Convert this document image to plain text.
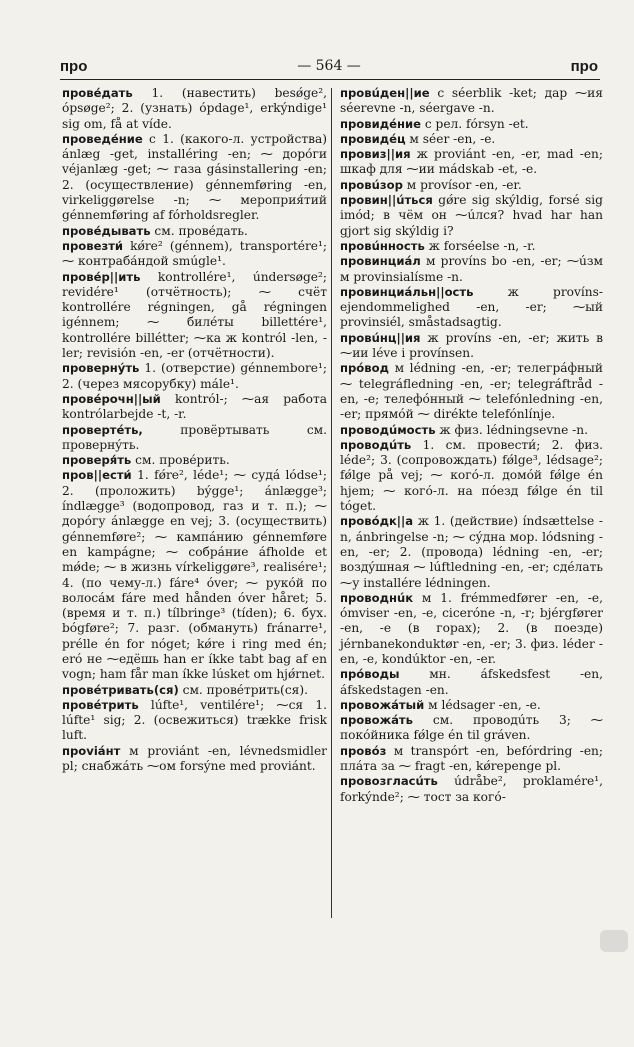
про	— 564 —	про

прове́дать 1. (навестить) besǿge², ópsøge²; 2. (узнать) ópdage¹, erkýndige¹ sig om, få at víde.

проведе́ние с 1. (какого-л. устройства) ánlæg -get, installéring -en; ⁓ доро́ги véjanlæg -get; ⁓ газа gásinstallering -en; 2. (осуществление) génnemføring -en, virkeliggørelse -n; ⁓ мероприя́тий génnemføring af fórholdsregler.

прове́дывать см. прове́дать.

провезти́ kǿre² (génnem), transportére¹; ⁓ контраба́ндой smúgle¹.

прове́р||ить kontrollére¹, úndersøge²; revidére¹ (отчётность); ⁓ счёт kontrollére régningen, gå régningen igénnem; ⁓ биле́ты billettére¹, kontrollére billétter; ⁓ка ж kontról -len, -ler; revisión -en, -er (отчётности).

провернýть 1. (отверстие) génnembore¹; 2. (через мясорубку) mále¹.

прове́рочн||ый kontról-; ⁓ая работа kontrólarbejde -t, -r.

провертéть, провёртывать см. провернýть.

проверя́ть см. прове́рить.

пров||ести́ 1. fǿre², léde¹; ⁓ судá lódse¹; 2. (проложить) býgge¹; ánlægge³; índlægge³ (водопровод, газ и т. п.); ⁓ дорóгу ánlægge en vej; 3. (осуществить) génnemføre²; ⁓ кампáнию génnemføre en kampágne; ⁓ собрáние áfholde et mǿde; ⁓ в жизнь vírkeliggøre³, realisére¹; 4. (по чему-л.) fáre⁴ óver; ⁓ рукóй по волосáм fáre med hånden óver håret; 5. (время и т. п.) tílbringe³ (tíden); 6. бух. bógføre²; 7. разг. (обмануть) fránarre¹, prélle én for nóget; kǿre i ring med én; eró не ⁓едёшь han er íkke tabt bag af en vogn; ham får man íkke lúsket om hjǿrnet.

провéтривать(ся) см. провéтрить(ся).

провéтрить lúfte¹, ventilére¹; ⁓ся 1. lúfte¹ sig; 2. (освежиться) trække frisk luft.

проviáнт м proviánt -en, lévnedsmidler pl; снабжáть ⁓ом forsýne med proviánt.

провúден||ие с séerblik -ket; дар ⁓ия séerevne -n, séergave -n.

провидéние с рел. fórsyn -et.

провидéц м séer -en, -e.

провиз||ия ж proviánt -en, -er, mad -en; шкаф для ⁓ии mádskab -et, -e.

провúзор м provísor -en, -er.

провин||úться gǿre sig skýldig, forsé sig imód; в чём он ⁓úлся? hvad har han gjort sig skýldig i?

провúнность ж forséelse -n, -r.

провинциáл м províns bo -en, -er; ⁓úзм м provinsialísme -n.

провинциáльн||ость ж províns-ejendommelighed -en, -er; ⁓ый provinsiél, småstadsagtig.

провúнц||ия ж províns -en, -er; жить в ⁓ии léve i provínsen.

прóвод м lédning -en, -er; телегрáфный ⁓ telegráfledning -en, -er; telegráftråd -en, -e; телефóнный ⁓ telefónledning -en, -er; прямóй ⁓ dirékte telefónlínje.

проводúмость ж физ. lédningsevne -n.

проводúть 1. см. провести́; 2. физ. léde²; 3. (сопровождать) fǿlge³, lédsage²; fǿlge på vej; ⁓ когó-л. домóй fǿlge én hjem; ⁓ когó-л. на пóезд fǿlge én til tóget.

провóдк||а ж 1. (действие) índsættelse -n, ánbringelse -n; ⁓ сýдна мор. lódsning -en, -er; 2. (провода) lédning -en, -er; воздýшная ⁓ lúftledning -en, -er; сдéлать ⁓у installére lédningen.

проводнúк м 1. frémmedfører -en, -e, ómviser -en, -e, ciceróne -n, -r; bjérgfører -en, -e (в горах); 2. (в поезде) jérnbanekonduktør -en, -er; 3. физ. léder -en, -e, kondúktor -en, -er.

прóводы мн. áfskedsfest -en, áfskedstagen -en.

провожáтый м lédsager -en, -e.

провожáть см. проводúть 3; ⁓ покóйника fǿlge én til gráven.

провóз м transpórt -en, befórdring -en; плáта за ⁓ fragt -en, kǿrepenge pl.

провозгласúть údråbe², proklamére¹, forkýnde²; ⁓ тост за когó-
